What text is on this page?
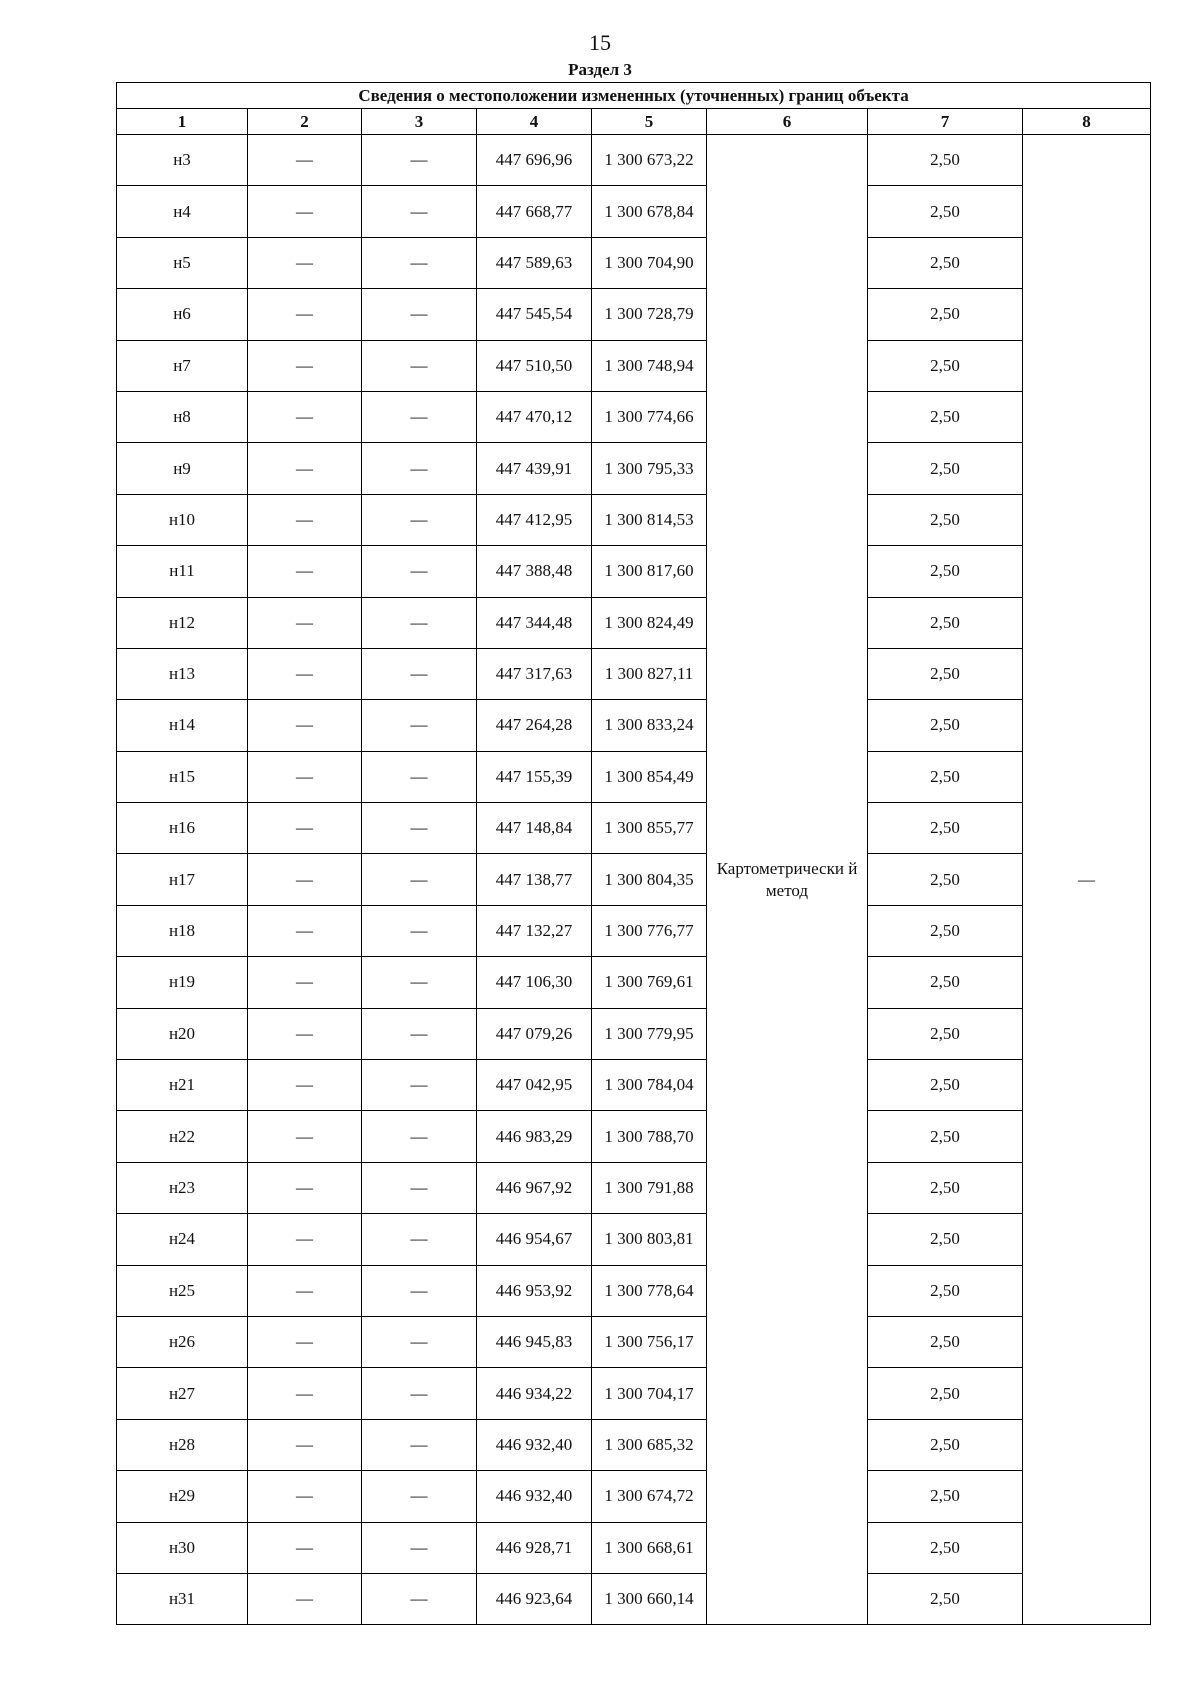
15
Раздел 3
Сведения о местоположении измененных (уточненных) границ объекта							
1	2	3	4	5	6	7	8
н3	—	—	447 696,96	1 300 673,22	Картометрически й метод	2,50	—
н4	—	—	447 668,77	1 300 678,84		2,50	
н5	—	—	447 589,63	1 300 704,90		2,50	
н6	—	—	447 545,54	1 300 728,79		2,50	
н7	—	—	447 510,50	1 300 748,94		2,50	
н8	—	—	447 470,12	1 300 774,66		2,50	
н9	—	—	447 439,91	1 300 795,33		2,50	
н10	—	—	447 412,95	1 300 814,53		2,50	
н11	—	—	447 388,48	1 300 817,60		2,50	
н12	—	—	447 344,48	1 300 824,49		2,50	
н13	—	—	447 317,63	1 300 827,11		2,50	
н14	—	—	447 264,28	1 300 833,24		2,50	
н15	—	—	447 155,39	1 300 854,49		2,50	
н16	—	—	447 148,84	1 300 855,77		2,50	
н17	—	—	447 138,77	1 300 804,35		2,50	
н18	—	—	447 132,27	1 300 776,77		2,50	
н19	—	—	447 106,30	1 300 769,61		2,50	
н20	—	—	447 079,26	1 300 779,95		2,50	
н21	—	—	447 042,95	1 300 784,04		2,50	
н22	—	—	446 983,29	1 300 788,70		2,50	
н23	—	—	446 967,92	1 300 791,88		2,50	
н24	—	—	446 954,67	1 300 803,81		2,50	
н25	—	—	446 953,92	1 300 778,64		2,50	
н26	—	—	446 945,83	1 300 756,17		2,50	
н27	—	—	446 934,22	1 300 704,17		2,50	
н28	—	—	446 932,40	1 300 685,32		2,50	
н29	—	—	446 932,40	1 300 674,72		2,50	
н30	—	—	446 928,71	1 300 668,61		2,50	
н31	—	—	446 923,64	1 300 660,14		2,50	
